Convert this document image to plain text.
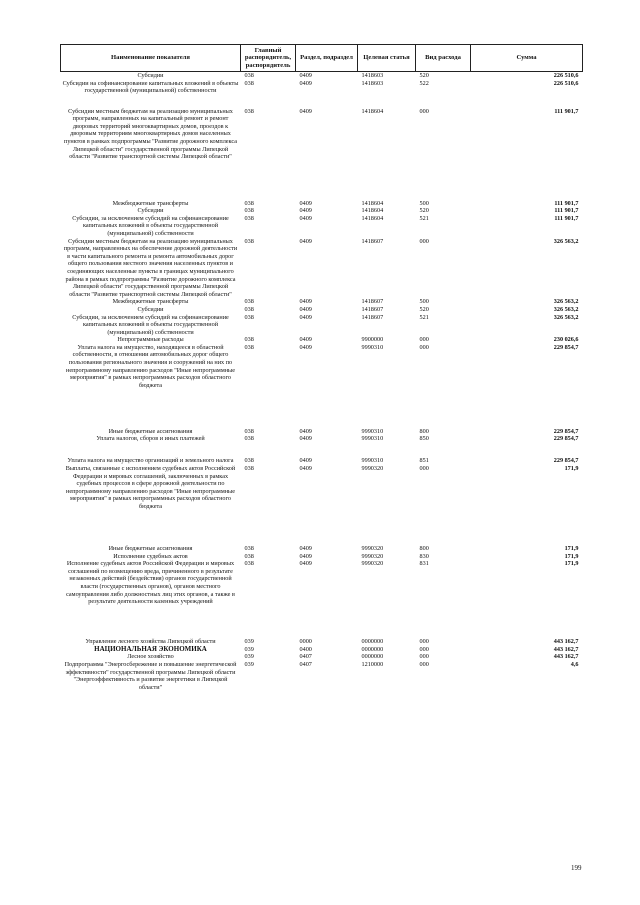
Наименование показателя	Главный распорядитель, распорядитель	Раздел, подраздел	Целевая статья	Вид расхода	Сумма
Субсидии	038	0409	1418603	520	226 510,6
Субсидии на софинансирование капитальных вложений в объекты государственной (муниципальной) собственности	038	0409	1418603	522	226 510,6
Субсидии местным бюджетам на реализацию муниципальных программ, направленных на капитальный ремонт и ремонт дворовых территорий многоквартирных домов, проездов к дворовым территориям многоквартирных домов населенных пунктов в рамках подпрограммы "Развитие дорожного комплекса Липецкой области" государственной программы Липецкой области "Развитие транспортной системы Липецкой области"	038	0409	1418604	000	111 901,7
Межбюджетные трансферты	038	0409	1418604	500	111 901,7
Субсидии	038	0409	1418604	520	111 901,7
Субсидии, за исключением субсидий на софинансирование капитальных вложений в объекты государственной (муниципальной) собственности	038	0409	1418604	521	111 901,7
Субсидии местным бюджетам на реализацию муниципальных программ, направленных на обеспечение дорожной деятельности в части капитального ремонта и ремонта автомобильных дорог общего пользования местного значения населенных пунктов и соединяющих населенные пункты в границах муниципального района в рамках подпрограммы "Развитие дорожного комплекса Липецкой области" государственной программы Липецкой области "Развитие транспортной системы Липецкой области"	038	0409	1418607	000	326 563,2
Межбюджетные трансферты	038	0409	1418607	500	326 563,2
Субсидии	038	0409	1418607	520	326 563,2
Субсидии, за исключением субсидий на софинансирование капитальных вложений в объекты государственной (муниципальной) собственности	038	0409	1418607	521	326 563,2
Непрограммные расходы	038	0409	9900000	000	230 026,6
Уплата налога на имущество, находящееся в областной собственности, в отношении автомобильных дорог общего пользования регионального значения и сооружений на них по непрограммному направлению расходов "Иные непрограммные мероприятия" в рамках непрограммных расходов областного бюджета	038	0409	9990310	000	229 854,7
Иные бюджетные ассигнования	038	0409	9990310	800	229 854,7
Уплата налогов, сборов и иных платежей	038	0409	9990310	850	229 854,7
Уплата налога на имущество организаций и земельного налога	038	0409	9990310	851	229 854,7
Выплаты, связанные с исполнением судебных актов Российской Федерации и мировых соглашений, заключенных в рамках судебных процессов в сфере дорожной деятельности по непрограммному направлению расходов "Иные непрограммные мероприятия" в рамках непрограммных расходов областного бюджета	038	0409	9990320	000	171,9
Иные бюджетные ассигнования	038	0409	9990320	800	171,9
Исполнение судебных актов	038	0409	9990320	830	171,9
Исполнение судебных актов Российской Федерации и мировых соглашений по возмещению вреда, причиненного в результате незаконных действий (бездействия) органов государственной власти (государственных органов), органов местного самоуправления либо должностных лиц этих органов, а также в результате деятельности казенных учреждений	038	0409	9990320	831	171,9
Управление лесного хозяйства Липецкой области	039	0000	0000000	000	443 162,7
НАЦИОНАЛЬНАЯ ЭКОНОМИКА	039	0400	0000000	000	443 162,7
Лесное хозяйство	039	0407	0000000	000	443 162,7
Подпрограмма "Энергосбережение и повышение энергетической эффективности" государственной программы Липецкой области "Энергоэффективность и развитие энергетики в Липецкой области"	039	0407	1210000	000	4,6
199
